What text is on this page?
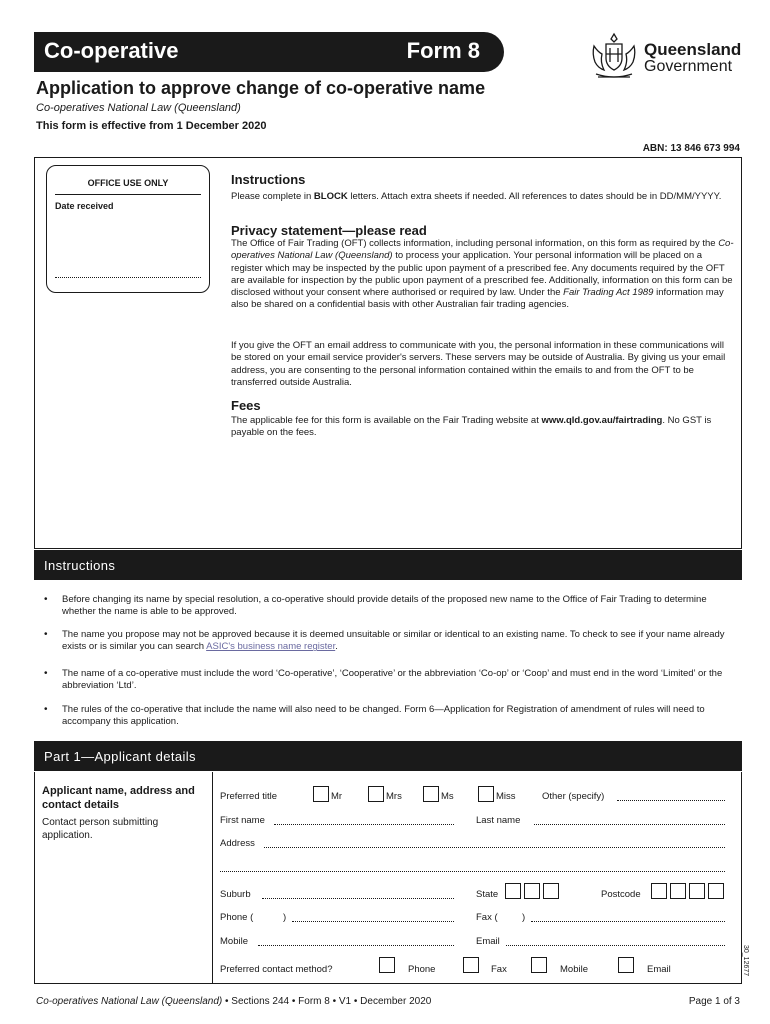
Co-operative	Form 8	Queensland
Government
Application to approve change of co-operative name
Co-operatives National Law (Queensland)
This form is effective from 1 December 2020
ABN: 13 846 673 994
OFFICE USE ONLY
Date received
Instructions

Please complete in BLOCK letters. Attach extra sheets if needed. All references to dates should be in DD/MM/YYYY.

Privacy statement—please read

The Office of Fair Trading (OFT) collects information, including personal information, on this form as required by the Co-operatives National Law (Queensland) to process your application. Your personal information will be placed on a register which may be inspected by the public upon payment of a prescribed fee. Any documents required by the OFT are available for inspection by the public upon payment of a prescribed fee. Additionally, information on this form can be disclosed without your consent where authorised or required by law. Under the Fair Trading Act 1989 information may also be shared on a confidential basis with other Australian fair trading agencies.

If you give the OFT an email address to communicate with you, the personal information in these communications will be stored on your email service provider's servers. These servers may be outside of Australia. By giving us your email address, you are consenting to the personal information contained within the emails to and from the OFT to be transferred outside Australia.

Fees

The applicable fee for this form is available on the Fair Trading website at www.qld.gov.au/fairtrading. No GST is payable on the fees.

Instructions
• Before changing its name by special resolution, a co-operative should provide details of the proposed new name to the Office of Fair Trading to determine whether the name is able to be approved.

• The name you propose may not be approved because it is deemed unsuitable or similar or identical to an existing name. To check to see if your name already exists or is similar you can search ASIC's business name register.

• The name of a co-operative must include the word ‘Co-operative’, ‘Cooperative’ or the abbreviation ‘Co-op’ or ‘Coop’ and must end in the word ‘Limited’ or the abbreviation ‘Ltd’.

• The rules of the co-operative that include the name will also need to be changed. Form 6—Application for Registration of amendment of rules will need to accompany this application.

Part 1—Applicant details
Applicant name, address and contact details
Contact person submitting application.
Preferred title	Mr	Mrs	Ms	Miss	Other (specify)
First name	Last name
Address
Suburb	State	Postcode
Phone (	)	Fax (	)
Mobile	Email
Preferred contact method?	Phone	Fax	Mobile	Email	30_12677
Co-operatives National Law (Queensland) • Sections 244 • Form 8 • V1 • December 2020	Page 1 of 3
